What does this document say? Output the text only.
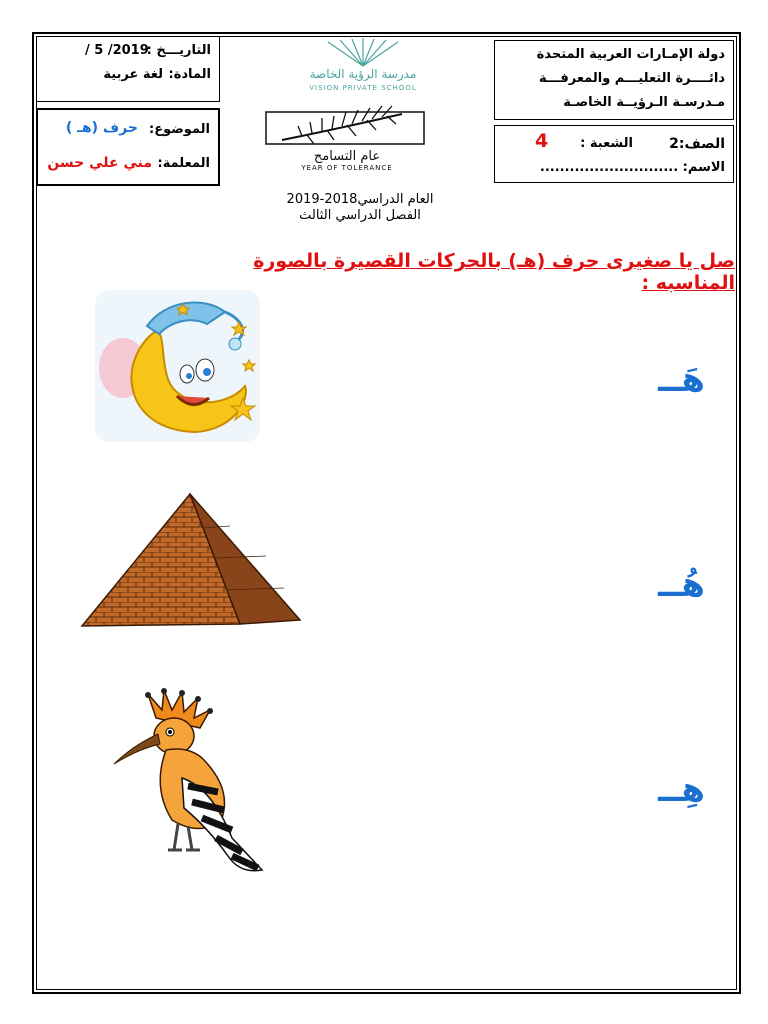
دولة الإمـارات العربية المتحدة
دائــــرة التعليـــم والمعرفـــة
مـدرسـة الـرؤيــة الخاصـة
الصف:2
الشعبة :
4
الاسم: ............................
التاريـــخ :
/ 5 /2019
المادة:
لغة عربية
الموضوع:
حرف (هـ )
المعلمة:
مني علي حسن
مدرسة الرؤية الخاصة
VISION PRIVATE SCHOOL
عام التسامح
YEAR OF TOLERANCE
العام الدراسي2018-2019
الفصل الدراسي الثالث
صل يا صغيرى حرف (هـ) بالحركات القصيرة بالصورة المناسبه :
هَــ
هُــ
هِــ
